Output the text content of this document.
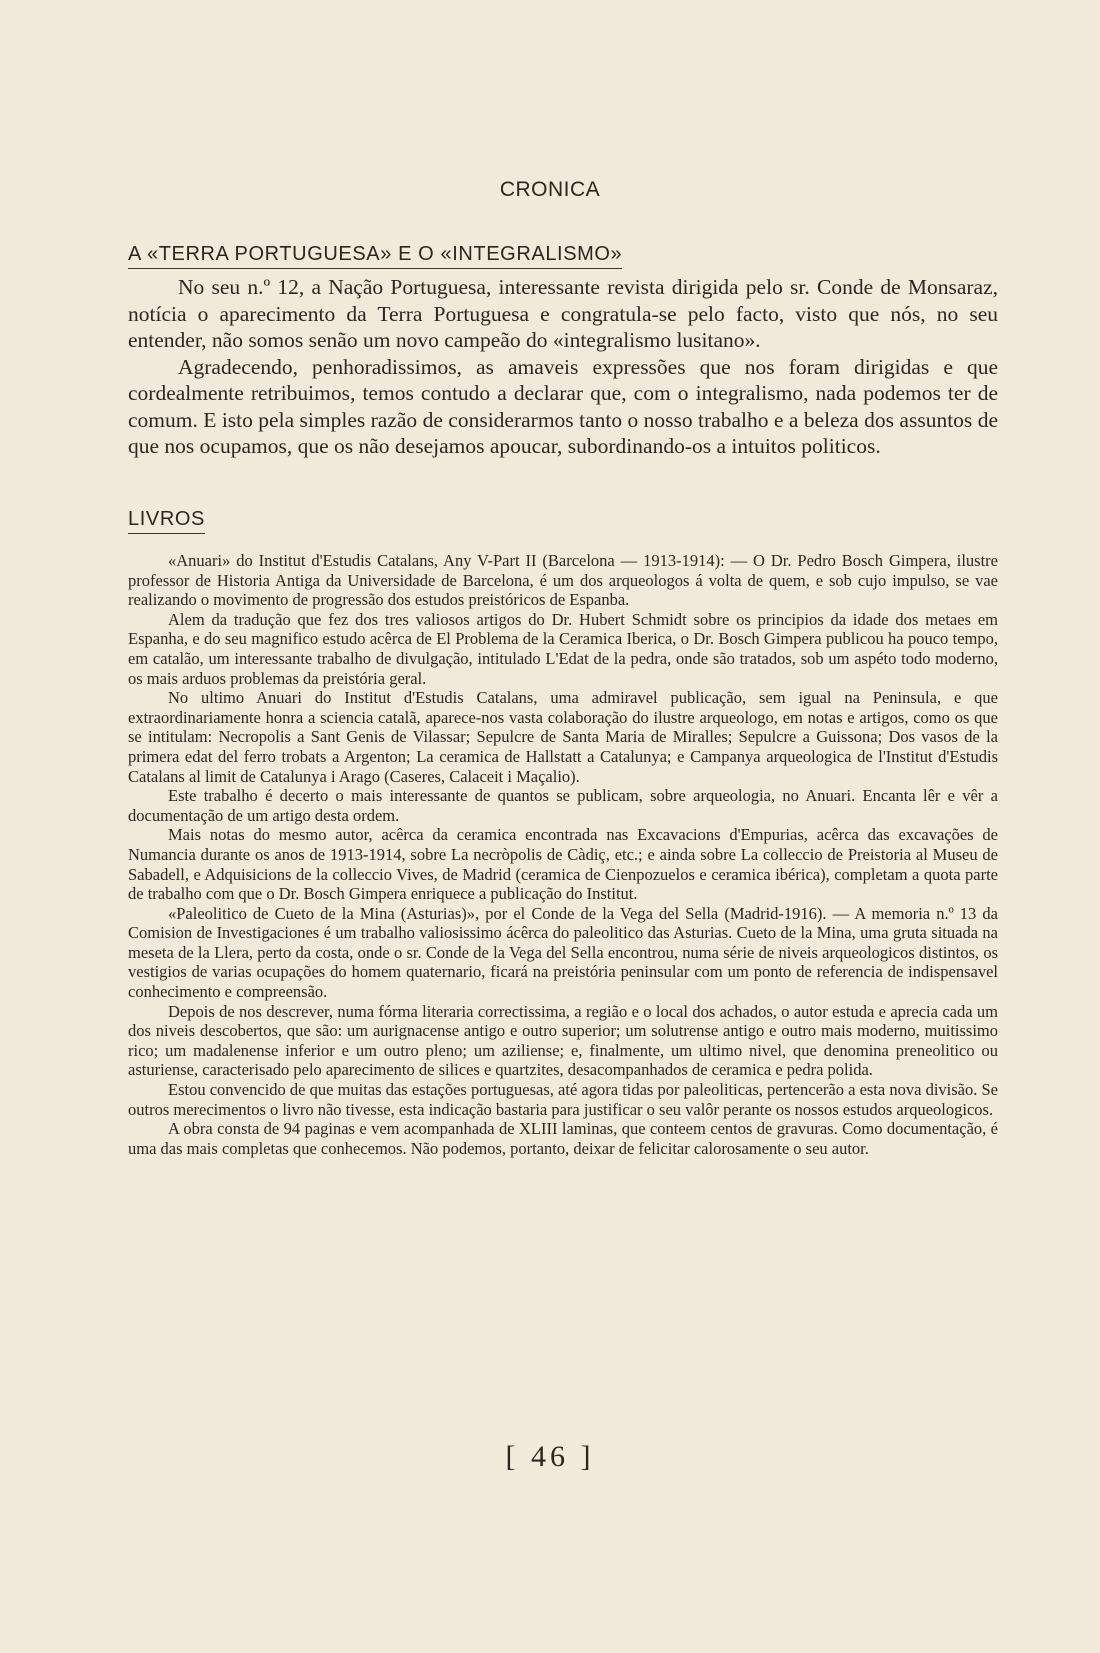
CRONICA
A «TERRA PORTUGUESA» E O «INTEGRALISMO»

No seu n.º 12, a Nação Portuguesa, interessante revista dirigida pelo sr. Conde de Monsaraz, notícia o aparecimento da Terra Portuguesa e congratula-se pelo facto, visto que nós, no seu entender, não somos senão um novo campeão do «integralismo lusitano».

Agradecendo, penhoradissimos, as amaveis expressões que nos foram dirigidas e que cordealmente retribuimos, temos contudo a declarar que, com o integralismo, nada podemos ter de comum. E isto pela simples razão de considerarmos tanto o nosso trabalho e a beleza dos assuntos de que nos ocupamos, que os não desejamos apoucar, subordinando-os a intuitos politicos.

LIVROS

«Anuari» do Institut d'Estudis Catalans, Any V-Part II (Barcelona — 1913-1914): — O Dr. Pedro Bosch Gimpera, ilustre professor de Historia Antiga da Universidade de Barcelona, é um dos arqueologos á volta de quem, e sob cujo impulso, se vae realizando o movimento de progressão dos estudos preistóricos de Espanba.

Alem da tradução que fez dos tres valiosos artigos do Dr. Hubert Schmidt sobre os principios da idade dos metaes em Espanha, e do seu magnifico estudo acêrca de El Problema de la Ceramica Iberica, o Dr. Bosch Gimpera publicou ha pouco tempo, em catalão, um interessante trabalho de divulgação, intitulado L'Edat de la pedra, onde são tratados, sob um aspéto todo moderno, os mais arduos problemas da preistória geral.

No ultimo Anuari do Institut d'Estudis Catalans, uma admiravel publicação, sem igual na Peninsula, e que extraordinariamente honra a sciencia catalã, aparece-nos vasta colaboração do ilustre arqueologo, em notas e artigos, como os que se intitulam: Necropolis a Sant Genis de Vilassar; Sepulcre de Santa Maria de Miralles; Sepulcre a Guissona; Dos vasos de la primera edat del ferro trobats a Argenton; La ceramica de Hallstatt a Catalunya; e Campanya arqueologica de l'Institut d'Estudis Catalans al limit de Catalunya i Arago (Caseres, Calaceit i Maçalio).

Este trabalho é decerto o mais interessante de quantos se publicam, sobre arqueologia, no Anuari. Encanta lêr e vêr a documentação de um artigo desta ordem.

Mais notas do mesmo autor, acêrca da ceramica encontrada nas Excavacions d'Empurias, acêrca das excavações de Numancia durante os anos de 1913-1914, sobre La necròpolis de Càdiç, etc.; e ainda sobre La colleccio de Preistoria al Museu de Sabadell, e Adquisicions de la colleccio Vives, de Madrid (ceramica de Cienpozuelos e ceramica ibérica), completam a quota parte de trabalho com que o Dr. Bosch Gimpera enriquece a publicação do Institut.

«Paleolitico de Cueto de la Mina (Asturias)», por el Conde de la Vega del Sella (Madrid-1916). — A memoria n.º 13 da Comision de Investigaciones é um trabalho valiosissimo ácêrca do paleolitico das Asturias. Cueto de la Mina, uma gruta situada na meseta de la Llera, perto da costa, onde o sr. Conde de la Vega del Sella encontrou, numa série de niveis arqueologicos distintos, os vestigios de varias ocupações do homem quaternario, ficará na preistória peninsular com um ponto de referencia de indispensavel conhecimento e compreensão.

Depois de nos descrever, numa fórma literaria correctissima, a região e o local dos achados, o autor estuda e aprecia cada um dos niveis descobertos, que são: um aurignacense antigo e outro superior; um solutrense antigo e outro mais moderno, muitissimo rico; um madalenense inferior e um outro pleno; um aziliense; e, finalmente, um ultimo nivel, que denomina preneolitico ou asturiense, caracterisado pelo aparecimento de silices e quartzites, desacompanhados de ceramica e pedra polida.

Estou convencido de que muitas das estações portuguesas, até agora tidas por paleoliticas, pertencerão a esta nova divisão. Se outros merecimentos o livro não tivesse, esta indicação bastaria para justificar o seu valôr perante os nossos estudos arqueologicos.

A obra consta de 94 paginas e vem acompanhada de XLIII laminas, que conteem centos de gravuras. Como documentação, é uma das mais completas que conhecemos. Não podemos, portanto, deixar de felicitar calorosamente o seu autor.

[ 46 ]
